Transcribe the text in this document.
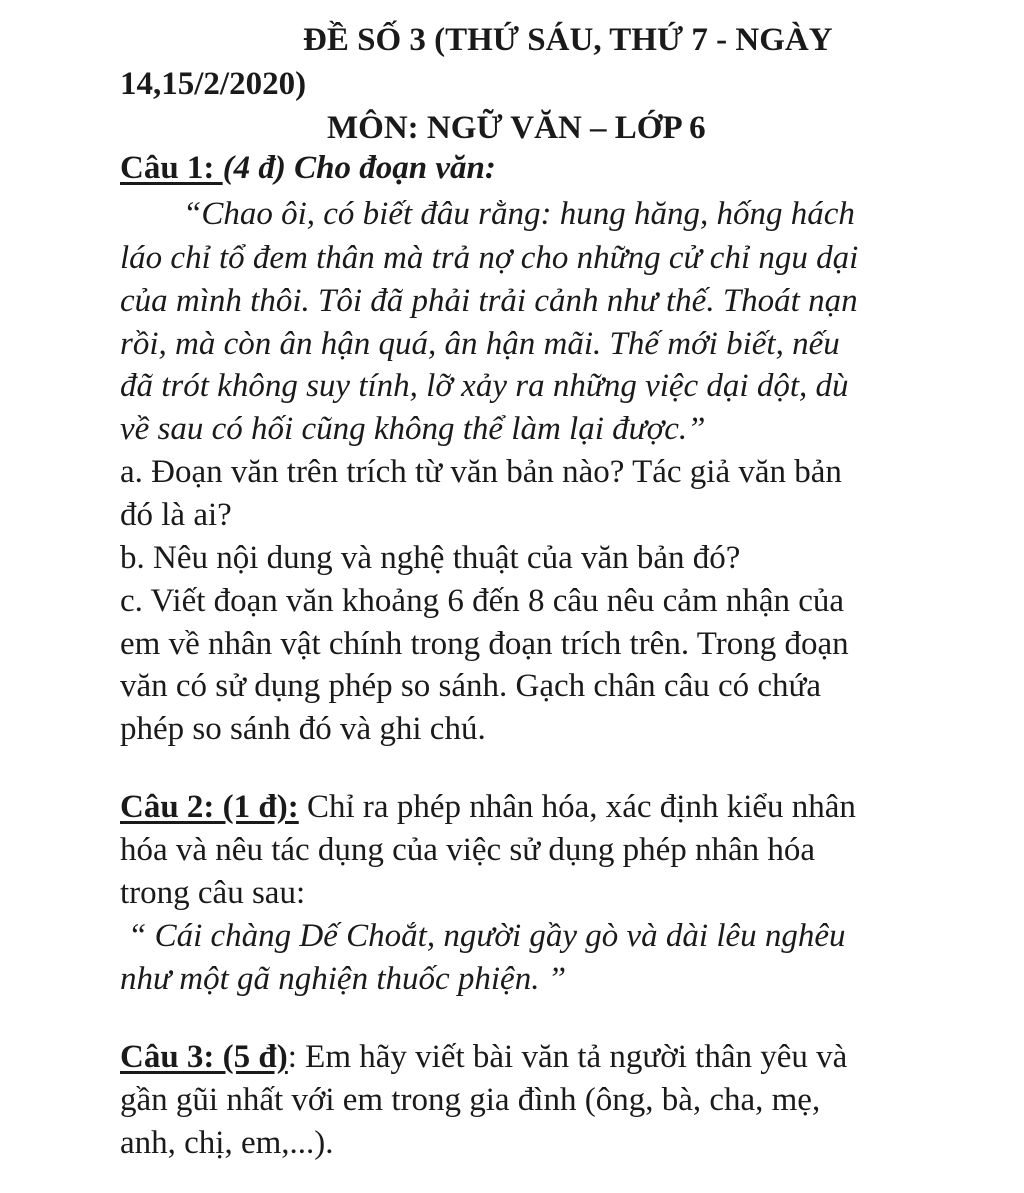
ĐỀ SỐ 3 (THỨ SÁU, THỨ 7 - NGÀY
14,15/2/2020)
MÔN: NGỮ VĂN – LỚP 6
Câu 1: (4 đ) Cho đoạn văn:
“Chao ôi, có biết đâu rằng: hung hăng, hống hách
láo chỉ tổ đem thân mà trả nợ cho những cử chỉ ngu dại
của mình thôi. Tôi đã phải trải cảnh như thế. Thoát nạn
rồi, mà còn ân hận quá, ân hận mãi. Thế mới biết, nếu
đã trót không suy tính, lỡ xảy ra những việc dại dột, dù
về sau có hối cũng không thể làm lại được.”
a. Đoạn văn trên trích từ văn bản nào? Tác giả văn bản
đó là ai?
b. Nêu nội dung và nghệ thuật của văn bản đó?
c. Viết đoạn văn khoảng 6 đến 8 câu nêu cảm nhận của
em về nhân vật chính trong đoạn trích trên. Trong đoạn
văn có sử dụng phép so sánh. Gạch chân câu có chứa
phép so sánh đó và ghi chú.
Câu 2: (1 đ): Chỉ ra phép nhân hóa, xác định kiểu nhân
hóa và nêu tác dụng của việc sử dụng phép nhân hóa
trong câu sau:
“ Cái chàng Dế Choắt, người gầy gò và dài lêu nghêu
như một gã nghiện thuốc phiện. ”
Câu 3: (5 đ): Em hãy viết bài văn tả người thân yêu và
gần gũi nhất với em trong gia đình (ông, bà, cha, mẹ,
anh, chị, em,...).
